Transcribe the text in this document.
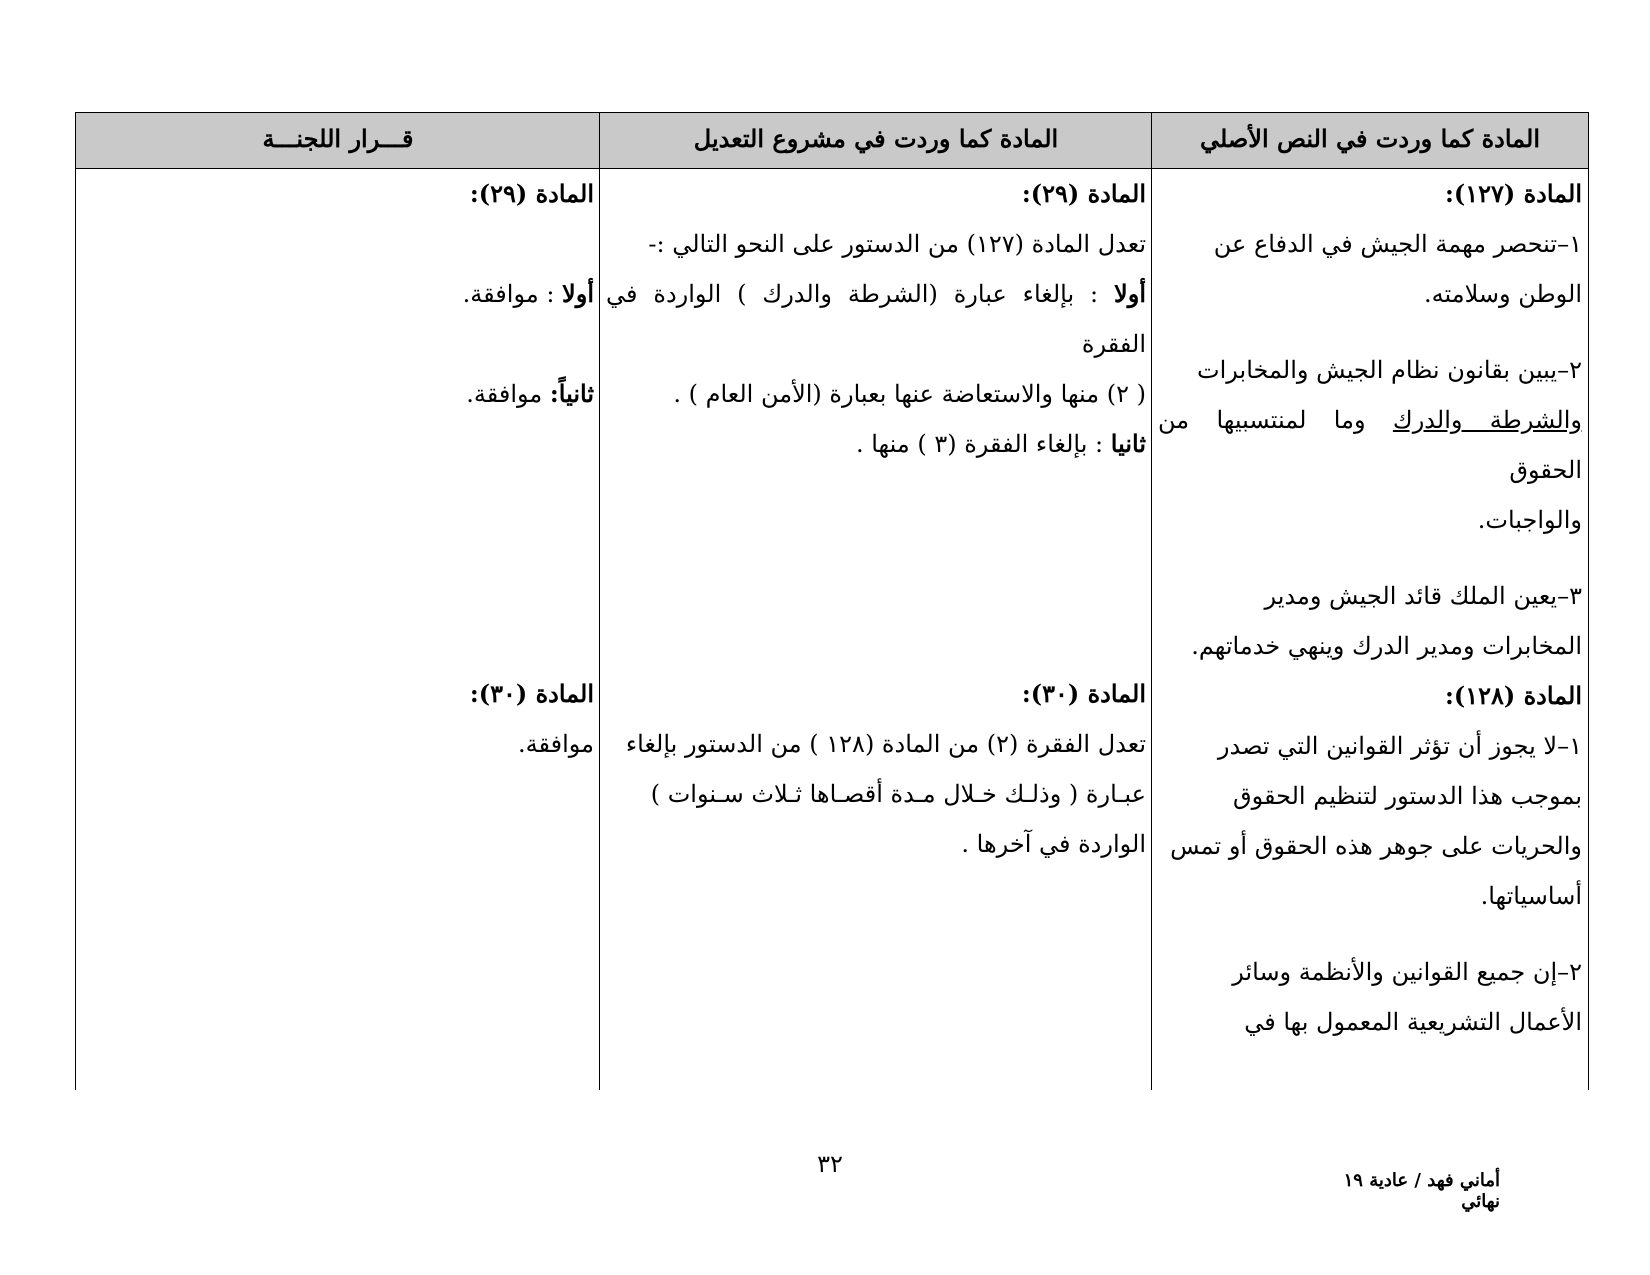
المادة كما وردت في النص الأصلي
المادة كما وردت في مشروع التعديل
قـــرار اللجنـــة

المادة (١٢٧):

١–تنحصر مهمة الجيش في الدفاع عن

الوطن وسلامته.

٢–يبين بقانون نظام الجيش والمخابرات

والشرطة والدرك وما لمنتسبيها من الحقوق

والواجبات.

٣–يعين الملك قائد الجيش ومدير

المخابرات ومدير الدرك وينهي خدماتهم.

المادة (١٢٨):

١–لا يجوز أن تؤثر القوانين التي تصدر

بموجب هذا الدستور لتنظيم الحقوق

والحريات على جوهر هذه الحقوق أو تمس

أساسياتها.

٢–إن جميع القوانين والأنظمة وسائر

الأعمال التشريعية المعمول بها في

المادة (٢٩):

تعدل المادة (١٢٧) من الدستور على النحو التالي :-

أولا : بإلغاء عبارة (الشرطة والدرك ) الواردة في الفقرة

( ٢) منها والاستعاضة عنها بعبارة (الأمن العام ) .

ثانيا : بإلغاء الفقرة (٣ ) منها .

المادة (٣٠):

تعدل الفقرة (٢) من المادة (١٢٨ ) من الدستور بإلغاء

عبـارة ( وذلـك خـلال مـدة أقصـاها ثـلاث سـنوات )

الواردة في آخرها .

المادة (٢٩):

أولا : موافقة.

ثانياً: موافقة.

المادة (٣٠):

موافقة.

٣٢
أماني فهد / عادية ١٩ نهائي
